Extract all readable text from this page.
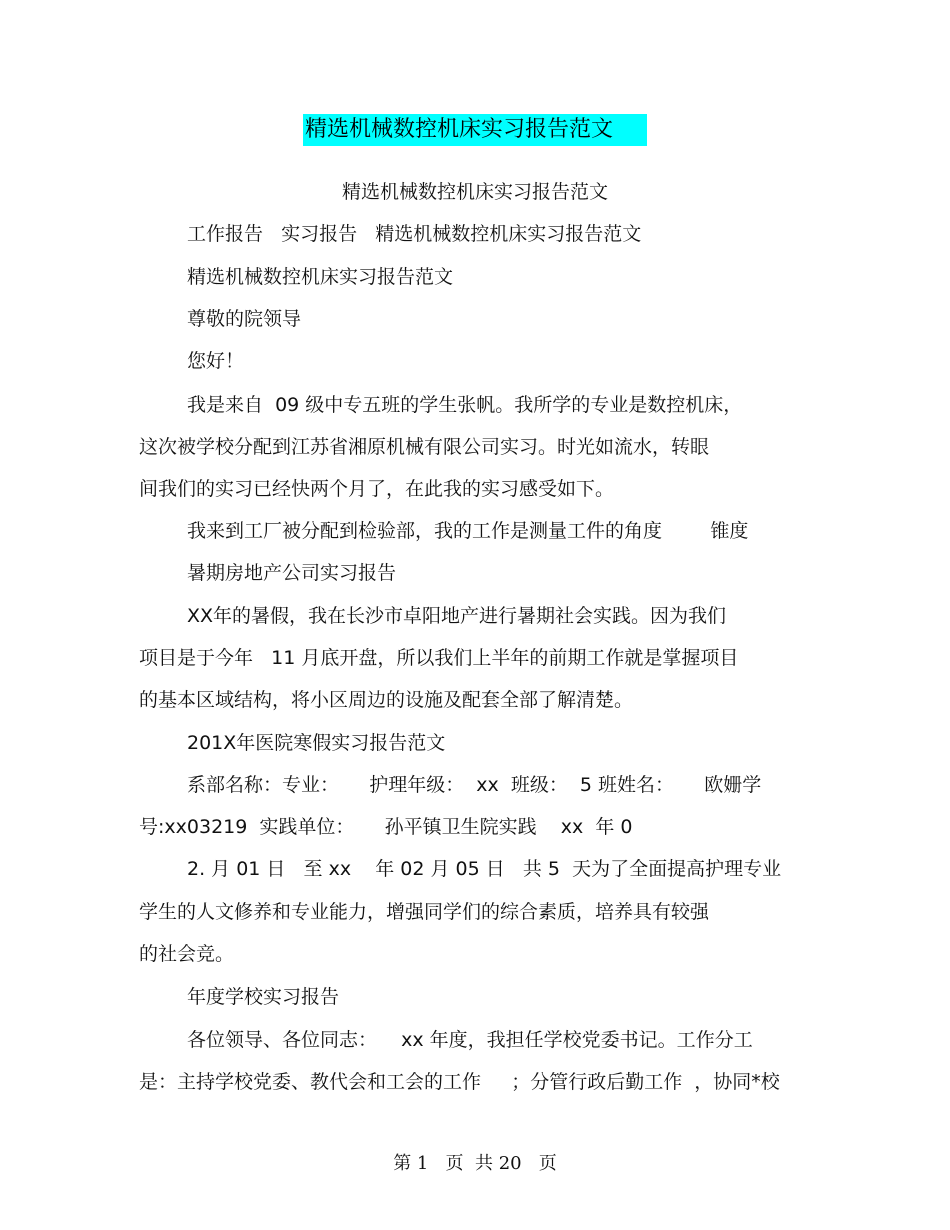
精选机械数控机床实习报告范文
精选机械数控机床实习报告范文
工作报告   实习报告   精选机械数控机床实习报告范文
精选机械数控机床实习报告范文
尊敬的院领导
您好！
我是来自  09 级中专五班的学生张帆。我所学的专业是数控机床，
这次被学校分配到江苏省湘原机械有限公司实习。时光如流水，转眼
间我们的实习已经快两个月了，在此我的实习感受如下。
我来到工厂被分配到检验部，我的工作是测量工件的角度        锥度
暑期房地产公司实习报告
XX年的暑假，我在长沙市卓阳地产进行暑期社会实践。因为我们
项目是于今年   11 月底开盘，所以我们上半年的前期工作就是掌握项目
的基本区域结构，将小区周边的设施及配套全部了解清楚。
201X年医院寒假实习报告范文
系部名称：专业：     护理年级：  xx  班级：  5 班姓名：     欧姗学
号:xx03219  实践单位：     孙平镇卫生院实践    xx  年 0
2. 月 01 日   至 xx    年 02 月 05 日   共 5  天为了全面提高护理专业
学生的人文修养和专业能力，增强同学们的综合素质，培养具有较强
的社会竞。
年度学校实习报告
各位领导、各位同志：    xx 年度，我担任学校党委书记。工作分工
是：主持学校党委、教代会和工会的工作     ；分管行政后勤工作  ，协同*校
第 1   页  共 20   页
